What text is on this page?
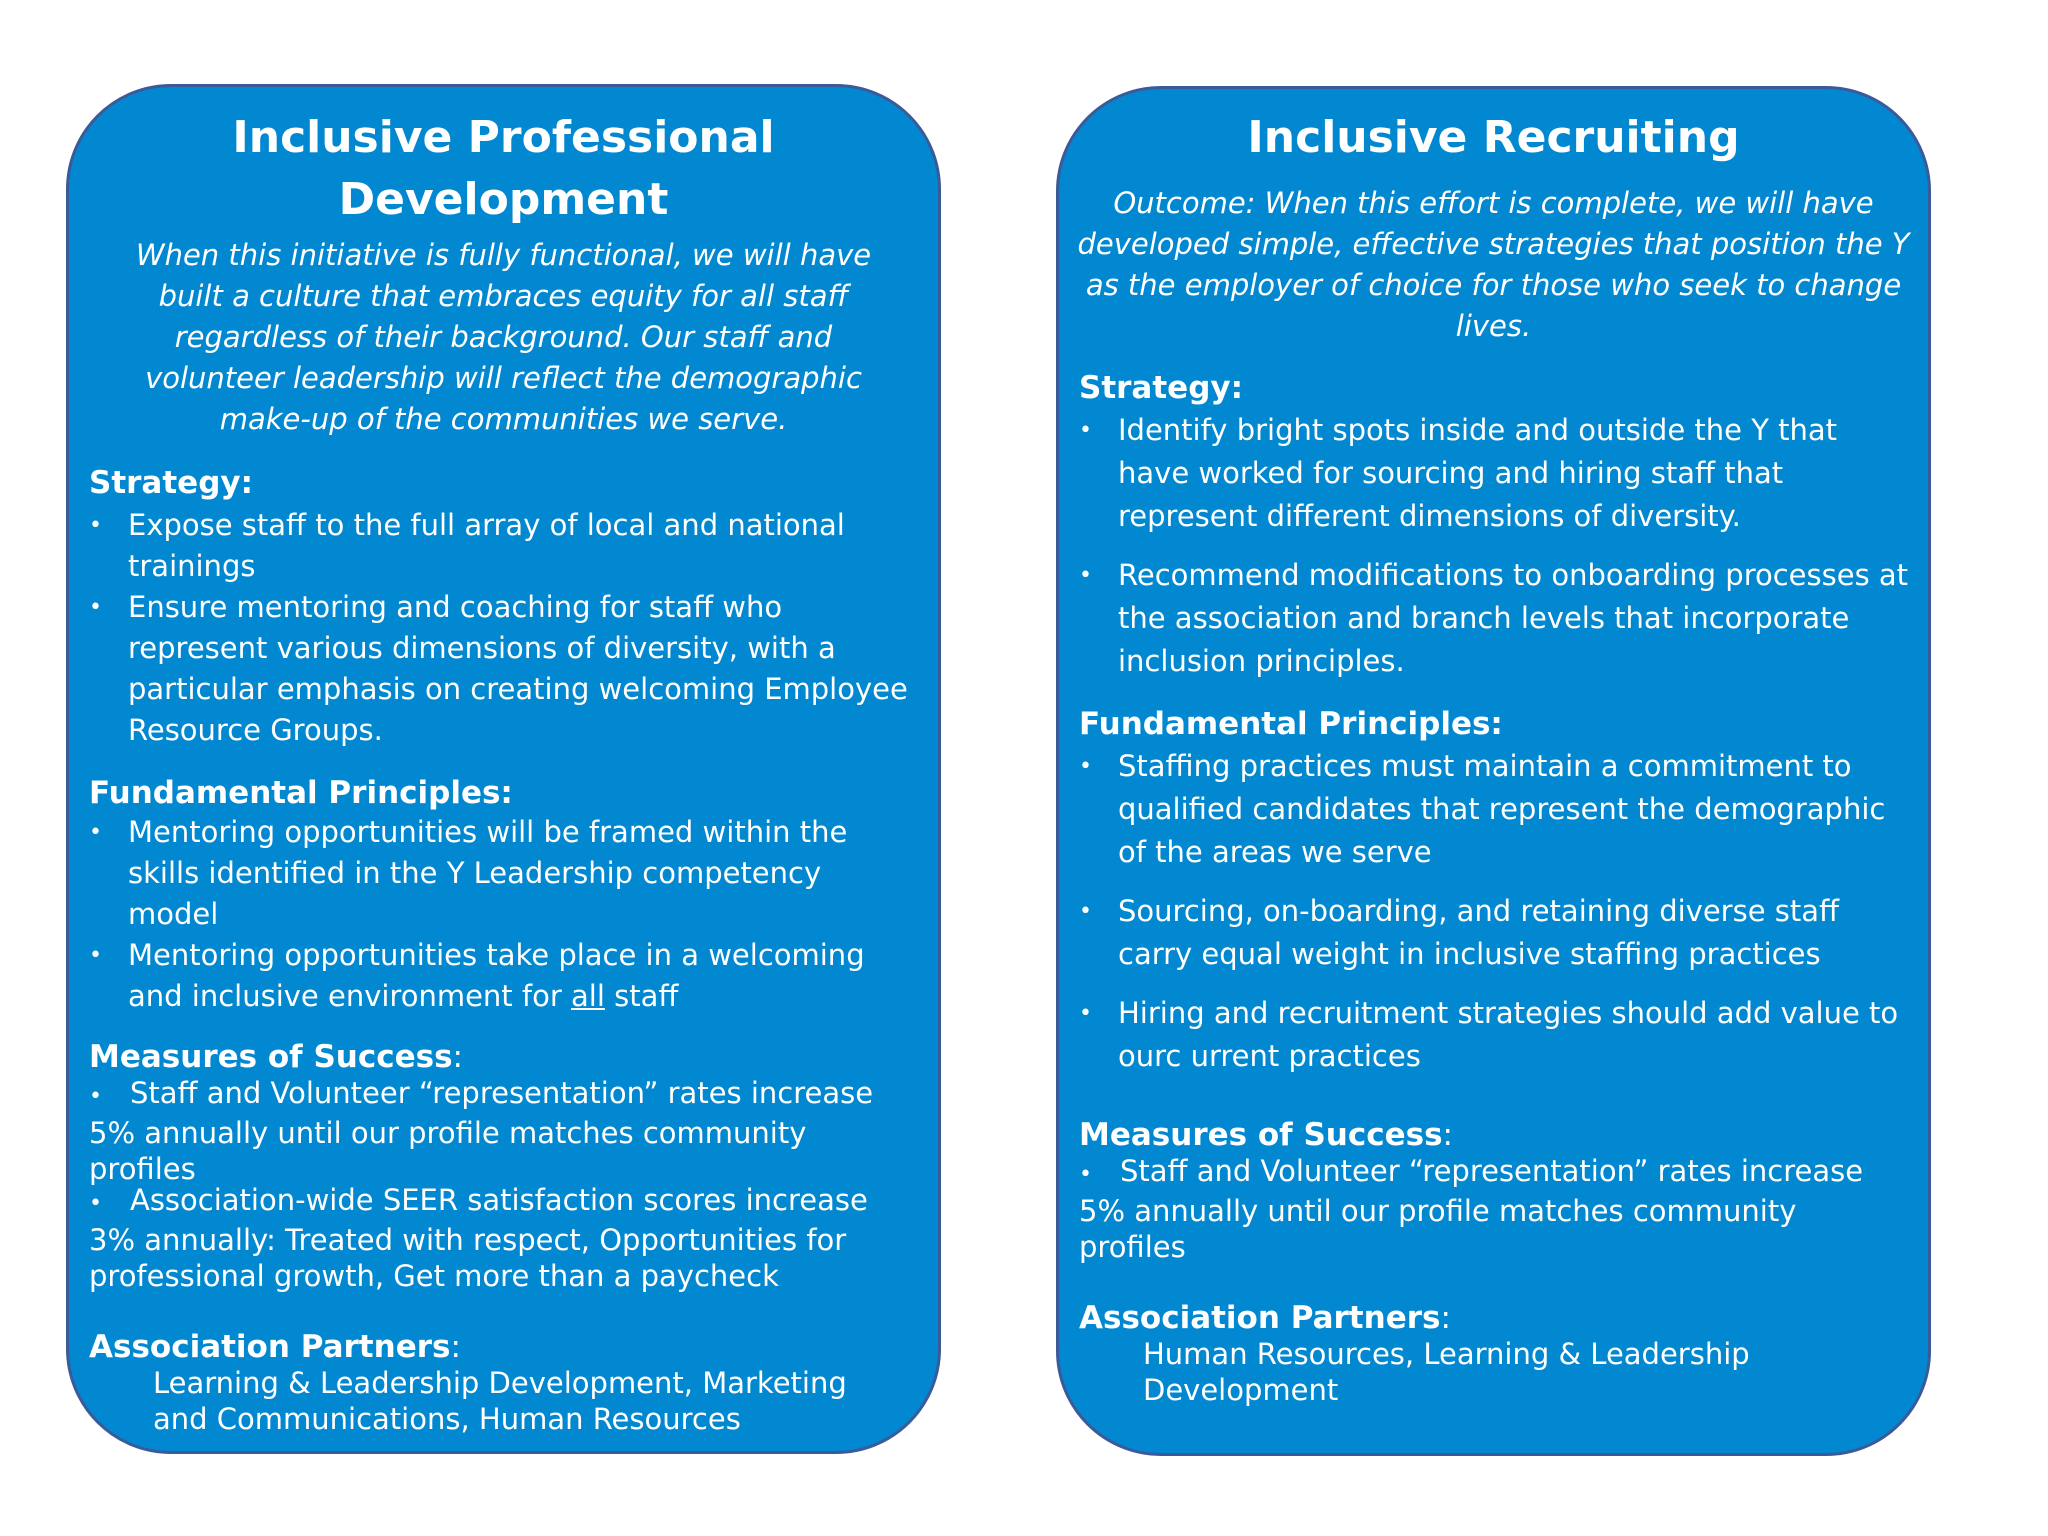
Inclusive Professional
Development

When this initiative is fully functional, we will have built a culture that embraces equity for all staff regardless of their background. Our staff and volunteer leadership will reflect the demographic make-up of the communities we serve.

Strategy:
• Expose staff to the full array of local and national trainings
• Ensure mentoring and coaching for staff who represent various dimensions of diversity, with a particular emphasis on creating welcoming Employee Resource Groups.
Fundamental Principles:
• Mentoring opportunities will be framed within the skills identified in the Y Leadership competency model
• Mentoring opportunities take place in a welcoming and inclusive environment for all staff
Measures of Success:

• Staff and Volunteer “representation” rates increase 5% annually until our profile matches community profiles

• Association-wide SEER satisfaction scores increase 3% annually: Treated with respect, Opportunities for professional growth, Get more than a paycheck

Association Partners:

Learning & Leadership Development, Marketing and Communications, Human Resources

Inclusive Recruiting

Outcome: When this effort is complete, we will have developed simple, effective strategies that position the Y as the employer of choice for those who seek to change lives.

Strategy:
• Identify bright spots inside and outside the Y that have worked for sourcing and hiring staff that represent different dimensions of diversity.
• Recommend modifications to onboarding processes at the association and branch levels that incorporate inclusion principles.
Fundamental Principles:
• Staffing practices must maintain a commitment to qualified candidates that represent the demographic of the areas we serve
• Sourcing, on-boarding, and retaining diverse staff carry equal weight in inclusive staffing practices
• Hiring and recruitment strategies should add value to ourc urrent practices
Measures of Success:

• Staff and Volunteer “representation” rates increase 5% annually until our profile matches community profiles

Association Partners:

Human Resources, Learning & Leadership Development
